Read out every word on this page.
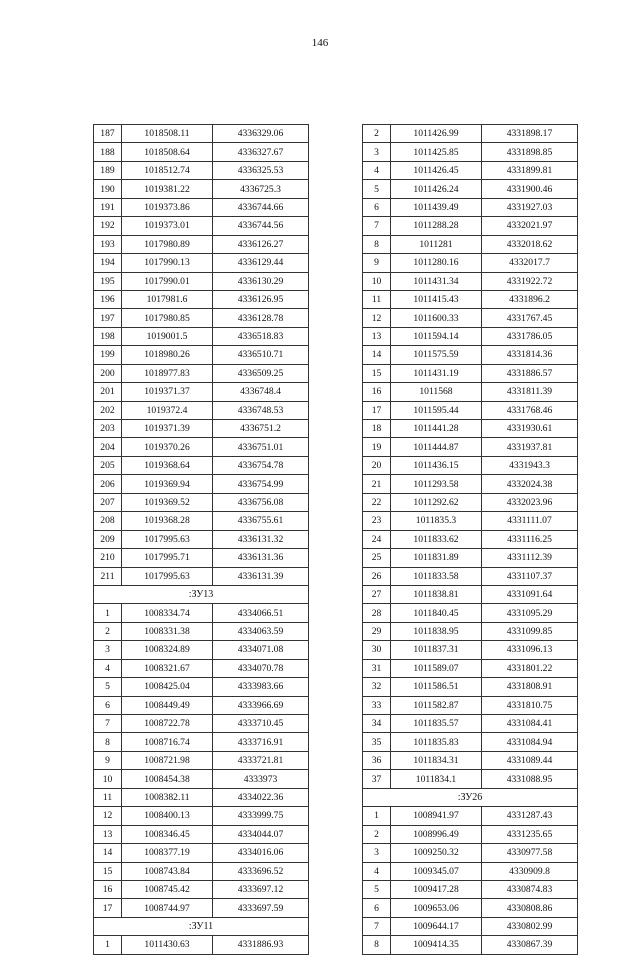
146
187	1018508.11	4336329.06
188	1018508.64	4336327.67
189	1018512.74	4336325.53
190	1019381.22	4336725.3
191	1019373.86	4336744.66
192	1019373.01	4336744.56
193	1017980.89	4336126.27
194	1017990.13	4336129.44
195	1017990.01	4336130.29
196	1017981.6	4336126.95
197	1017980.85	4336128.78
198	1019001.5	4336518.83
199	1018980.26	4336510.71
200	1018977.83	4336509.25
201	1019371.37	4336748.4
202	1019372.4	4336748.53
203	1019371.39	4336751.2
204	1019370.26	4336751.01
205	1019368.64	4336754.78
206	1019369.94	4336754.99
207	1019369.52	4336756.08
208	1019368.28	4336755.61
209	1017995.63	4336131.32
210	1017995.71	4336131.36
211	1017995.63	4336131.39
:ЗУ13		
1	1008334.74	4334066.51
2	1008331.38	4334063.59
3	1008324.89	4334071.08
4	1008321.67	4334070.78
5	1008425.04	4333983.66
6	1008449.49	4333966.69
7	1008722.78	4333710.45
8	1008716.74	4333716.91
9	1008721.98	4333721.81
10	1008454.38	4333973
11	1008382.11	4334022.36
12	1008400.13	4333999.75
13	1008346.45	4334044.07
14	1008377.19	4334016.06
15	1008743.84	4333696.52
16	1008745.42	4333697.12
17	1008744.97	4333697.59
:ЗУ11		
1	1011430.63	4331886.93
2	1011426.99	4331898.17
3	1011425.85	4331898.85
4	1011426.45	4331899.81
5	1011426.24	4331900.46
6	1011439.49	4331927.03
7	1011288.28	4332021.97
8	1011281	4332018.62
9	1011280.16	4332017.7
10	1011431.34	4331922.72
11	1011415.43	4331896.2
12	1011600.33	4331767.45
13	1011594.14	4331786.05
14	1011575.59	4331814.36
15	1011431.19	4331886.57
16	1011568	4331811.39
17	1011595.44	4331768.46
18	1011441.28	4331930.61
19	1011444.87	4331937.81
20	1011436.15	4331943.3
21	1011293.58	4332024.38
22	1011292.62	4332023.96
23	1011835.3	4331111.07
24	1011833.62	4331116.25
25	1011831.89	4331112.39
26	1011833.58	4331107.37
27	1011838.81	4331091.64
28	1011840.45	4331095.29
29	1011838.95	4331099.85
30	1011837.31	4331096.13
31	1011589.07	4331801.22
32	1011586.51	4331808.91
33	1011582.87	4331810.75
34	1011835.57	4331084.41
35	1011835.83	4331084.94
36	1011834.31	4331089.44
37	1011834.1	4331088.95
:ЗУ26		
1	1008941.97	4331287.43
2	1008996.49	4331235.65
3	1009250.32	4330977.58
4	1009345.07	4330909.8
5	1009417.28	4330874.83
6	1009653.06	4330808.86
7	1009644.17	4330802.99
8	1009414.35	4330867.39
